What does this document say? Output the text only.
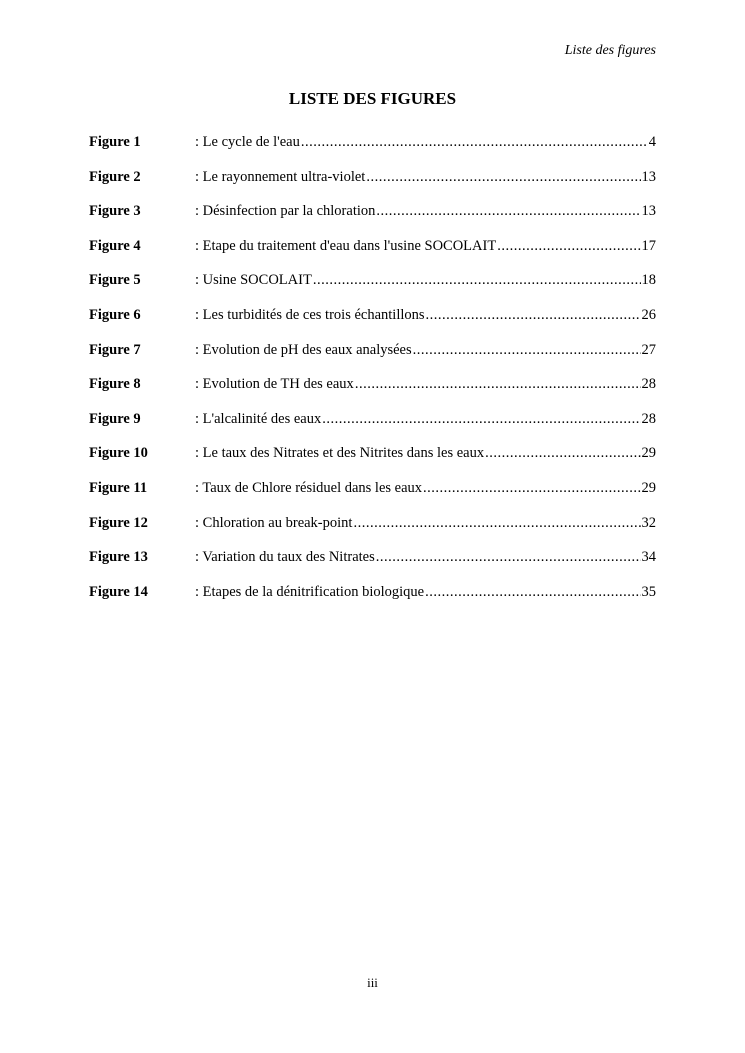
Liste des figures
LISTE DES FIGURES
Figure 1	: Le cycle de l'eau .....	4
Figure 2	: Le rayonnement ultra-violet .....	13
Figure 3	: Désinfection par la chloration .....	13
Figure 4	: Etape du traitement d'eau dans l'usine SOCOLAIT .....	17
Figure 5	: Usine SOCOLAIT .....	18
Figure 6	: Les turbidités de ces trois échantillons .....	26
Figure 7	: Evolution de pH des eaux analysées .....	27
Figure 8	: Evolution de TH des eaux .....	28
Figure 9	: L'alcalinité des eaux .....	28
Figure 10	: Le taux des Nitrates et des Nitrites dans les eaux .....	29
Figure 11	: Taux de Chlore résiduel dans les eaux .....	29
Figure 12	: Chloration au break-point .....	32
Figure 13	: Variation du taux des Nitrates .....	34
Figure 14	: Etapes de la dénitrification biologique .....	35
iii
